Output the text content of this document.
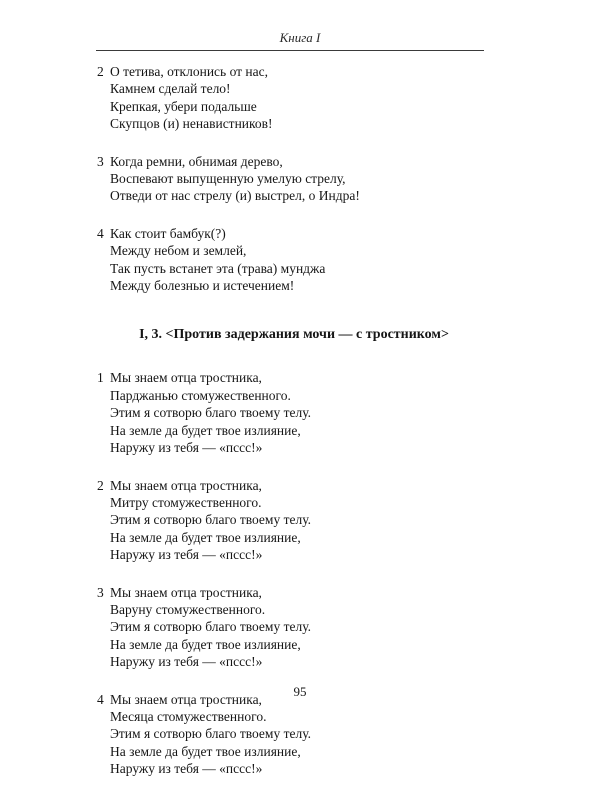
Книга I
2 О тетива, отклонись от нас,
Камнем сделай тело!
Крепкая, убери подальше
Скупцов (и) ненавистников!
3 Когда ремни, обнимая дерево,
Воспевают выпущенную умелую стрелу,
Отведи от нас стрелу (и) выстрел, о Индра!
4 Как стоит бамбук(?)
Между небом и землей,
Так пусть встанет эта (трава) мунджа
Между болезнью и истечением!
I, 3. <Против задержания мочи — с тростником>
1 Мы знаем отца тростника,
Парджанью стомужественного.
Этим я сотворю благо твоему телу.
На земле да будет твое излияние,
Наружу из тебя — «пссс!»
2 Мы знаем отца тростника,
Митру стомужественного.
Этим я сотворю благо твоему телу.
На земле да будет твое излияние,
Наружу из тебя — «пссс!»
3 Мы знаем отца тростника,
Варуну стомужественного.
Этим я сотворю благо твоему телу.
На земле да будет твое излияние,
Наружу из тебя — «пссс!»
4 Мы знаем отца тростника,
Месяца стомужественного.
Этим я сотворю благо твоему телу.
На земле да будет твое излияние,
Наружу из тебя — «пссс!»
95
